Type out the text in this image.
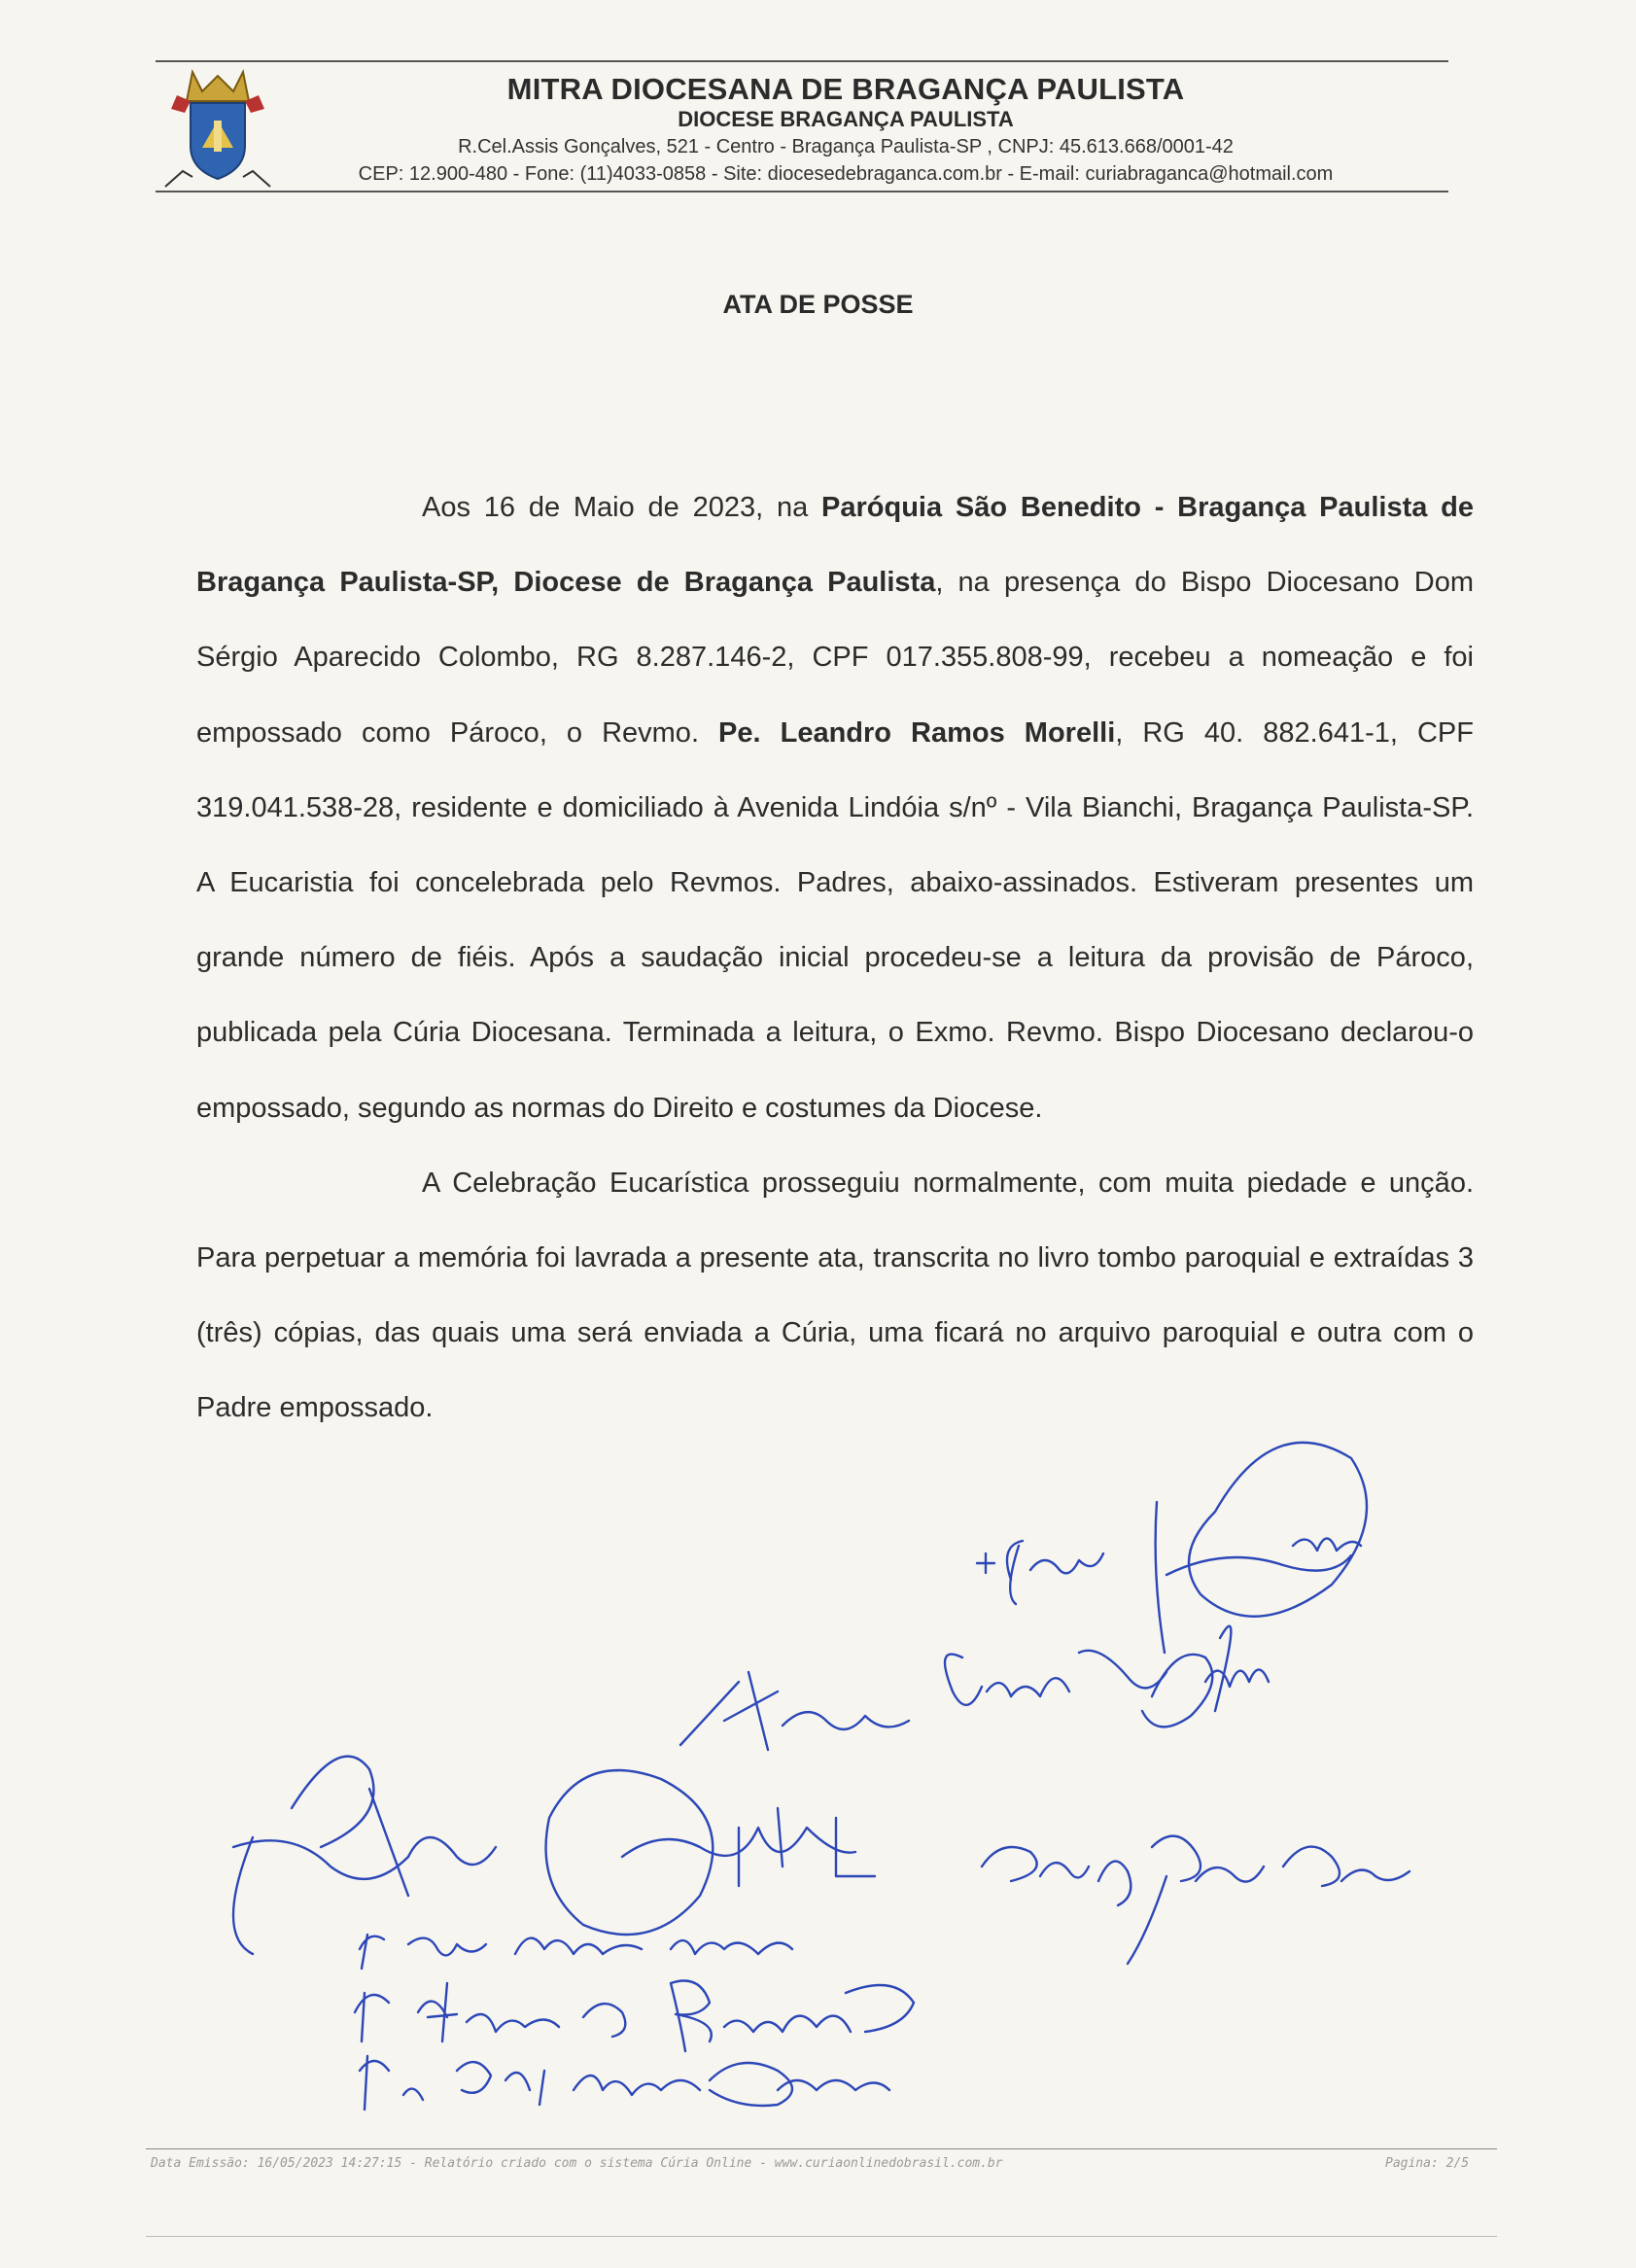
MITRA DIOCESANA DE BRAGANÇA PAULISTA

DIOCESE BRAGANÇA PAULISTA

R.Cel.Assis Gonçalves, 521 - Centro - Bragança Paulista-SP , CNPJ: 45.613.668/0001-42

CEP: 12.900-480 - Fone: (11)4033-0858 - Site: diocesedebraganca.com.br - E-mail: curiabraganca@hotmail.com

ATA DE POSSE

Aos 16 de Maio de 2023, na Paróquia São Benedito - Bragança Paulista de Bragança Paulista-SP, Diocese de Bragança Paulista, na presença do Bispo Diocesano Dom Sérgio Aparecido Colombo, RG 8.287.146-2, CPF 017.355.808-99, recebeu a nomeação e foi empossado como Pároco, o Revmo. Pe. Leandro Ramos Morelli, RG 40. 882.641-1, CPF 319.041.538-28, residente e domiciliado à Avenida Lindóia s/nº - Vila Bianchi, Bragança Paulista-SP. A Eucaristia foi concelebrada pelo Revmos. Padres, abaixo-assinados. Estiveram presentes um grande número de fiéis. Após a saudação inicial procedeu-se a leitura da provisão de Pároco, publicada pela Cúria Diocesana. Terminada a leitura, o Exmo. Revmo. Bispo Diocesano declarou-o empossado, segundo as normas do Direito e costumes da Diocese.

A Celebração Eucarística prosseguiu normalmente, com muita piedade e unção. Para perpetuar a memória foi lavrada a presente ata, transcrita no livro tombo paroquial e extraídas 3 (três) cópias, das quais uma será enviada a Cúria, uma ficará no arquivo paroquial e outra com o Padre empossado.

Data Emissão: 16/05/2023 14:27:15 - Relatório criado com o sistema Cúria Online - www.curiaonlinedobrasil.com.br	Pagina: 2/5
